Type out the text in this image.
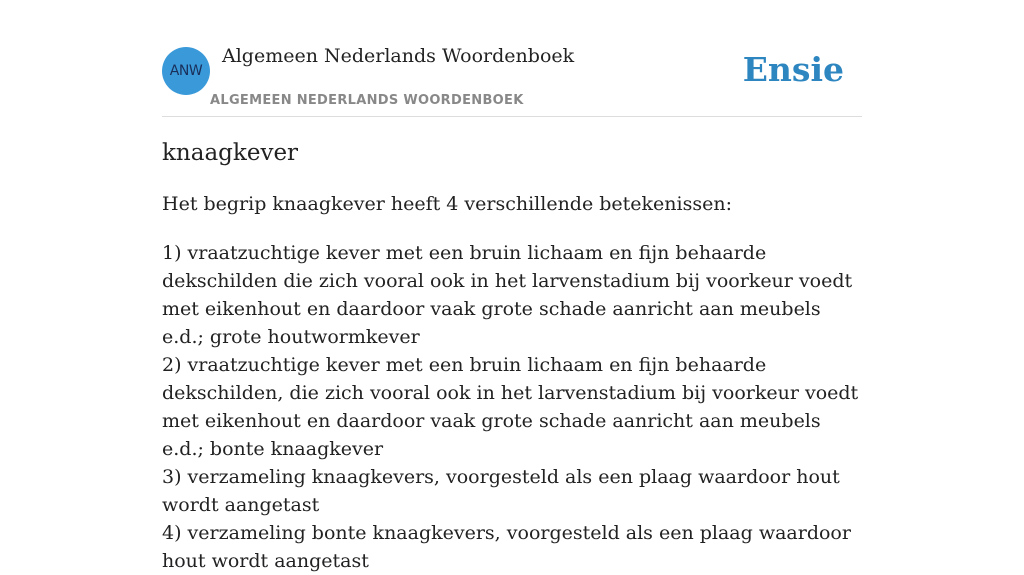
ANW
Algemeen Nederlands Woordenboek
ALGEMEEN NEDERLANDS WOORDENBOEK
Ensie
knaagkever
Het begrip knaagkever heeft 4 verschillende betekenissen:

1) vraatzuchtige kever met een bruin lichaam en fijn behaarde dekschilden die zich vooral ook in het larvenstadium bij voorkeur voedt met eikenhout en daardoor vaak grote schade aanricht aan meubels e.d.; grote houtwormkever

2) vraatzuchtige kever met een bruin lichaam en fijn behaarde dekschilden, die zich vooral ook in het larvenstadium bij voorkeur voedt met eikenhout en daardoor vaak grote schade aanricht aan meubels e.d.; bonte knaagkever

3) verzameling knaagkevers, voorgesteld als een plaag waardoor hout wordt aangetast

4) verzameling bonte knaagkevers, voorgesteld als een plaag waardoor hout wordt aangetast
